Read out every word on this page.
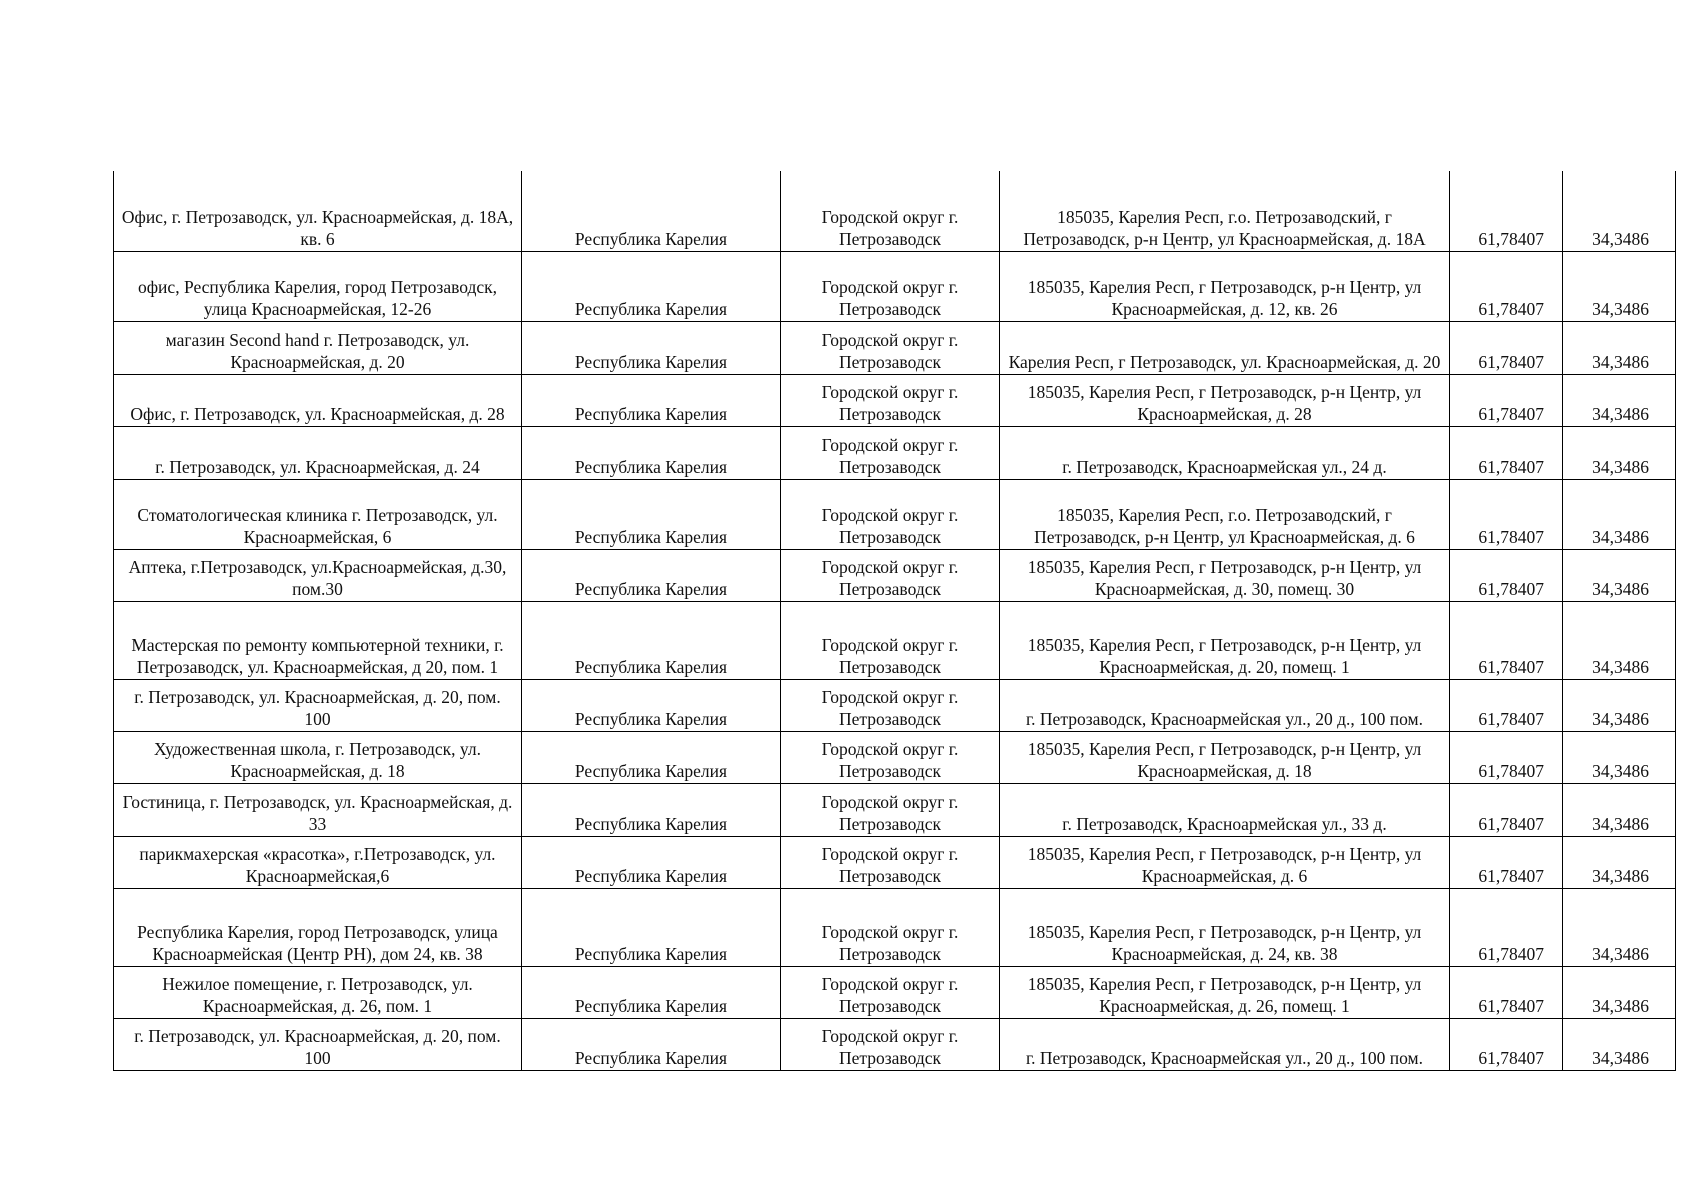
Офис, г. Петрозаводск, ул. Красноармейская, д. 18А, кв. 6	Республика Карелия	Городской округ г. Петрозаводск	185035, Карелия Респ, г.о. Петрозаводский, г Петрозаводск, р-н Центр, ул Красноармейская, д. 18А	61,78407	34,3486
офис, Республика Карелия, город Петрозаводск, улица Красноармейская, 12-26	Республика Карелия	Городской округ г. Петрозаводск	185035, Карелия Респ, г Петрозаводск, р-н Центр, ул Красноармейская, д. 12, кв. 26	61,78407	34,3486
магазин Second hand г. Петрозаводск, ул. Красноармейская, д. 20	Республика Карелия	Городской округ г. Петрозаводск	Карелия Респ, г Петрозаводск, ул. Красноармейская, д. 20	61,78407	34,3486
Офис, г. Петрозаводск, ул. Красноармейская, д. 28	Республика Карелия	Городской округ г. Петрозаводск	185035, Карелия Респ, г Петрозаводск, р-н Центр, ул Красноармейская, д. 28	61,78407	34,3486
г. Петрозаводск, ул. Красноармейская, д. 24	Республика Карелия	Городской округ г. Петрозаводск	г. Петрозаводск, Красноармейская ул., 24 д.	61,78407	34,3486
Стоматологическая клиника г. Петрозаводск, ул. Красноармейская, 6	Республика Карелия	Городской округ г. Петрозаводск	185035, Карелия Респ, г.о. Петрозаводский, г Петрозаводск, р-н Центр, ул Красноармейская, д. 6	61,78407	34,3486
Аптека, г.Петрозаводск, ул.Красноармейская, д.30, пом.30	Республика Карелия	Городской округ г. Петрозаводск	185035, Карелия Респ, г Петрозаводск, р-н Центр, ул Красноармейская, д. 30, помещ. 30	61,78407	34,3486
Мастерская по ремонту компьютерной техники, г. Петрозаводск, ул. Красноармейская, д 20, пом. 1	Республика Карелия	Городской округ г. Петрозаводск	185035, Карелия Респ, г Петрозаводск, р-н Центр, ул Красноармейская, д. 20, помещ. 1	61,78407	34,3486
г. Петрозаводск, ул. Красноармейская, д. 20, пом. 100	Республика Карелия	Городской округ г. Петрозаводск	г. Петрозаводск, Красноармейская ул., 20 д., 100 пом.	61,78407	34,3486
Художественная школа, г. Петрозаводск, ул. Красноармейская, д. 18	Республика Карелия	Городской округ г. Петрозаводск	185035, Карелия Респ, г Петрозаводск, р-н Центр, ул Красноармейская, д. 18	61,78407	34,3486
Гостиница, г. Петрозаводск, ул. Красноармейская, д. 33	Республика Карелия	Городской округ г. Петрозаводск	г. Петрозаводск, Красноармейская ул., 33 д.	61,78407	34,3486
парикмахерская «красотка», г.Петрозаводск, ул. Красноармейская,6	Республика Карелия	Городской округ г. Петрозаводск	185035, Карелия Респ, г Петрозаводск, р-н Центр, ул Красноармейская, д. 6	61,78407	34,3486
Республика Карелия, город Петрозаводск, улица Красноармейская (Центр РН), дом 24, кв. 38	Республика Карелия	Городской округ г. Петрозаводск	185035, Карелия Респ, г Петрозаводск, р-н Центр, ул Красноармейская, д. 24, кв. 38	61,78407	34,3486
Нежилое помещение, г. Петрозаводск, ул. Красноармейская, д. 26, пом. 1	Республика Карелия	Городской округ г. Петрозаводск	185035, Карелия Респ, г Петрозаводск, р-н Центр, ул Красноармейская, д. 26, помещ. 1	61,78407	34,3486
г. Петрозаводск, ул. Красноармейская, д. 20, пом. 100	Республика Карелия	Городской округ г. Петрозаводск	г. Петрозаводск, Красноармейская ул., 20 д., 100 пом.	61,78407	34,3486
